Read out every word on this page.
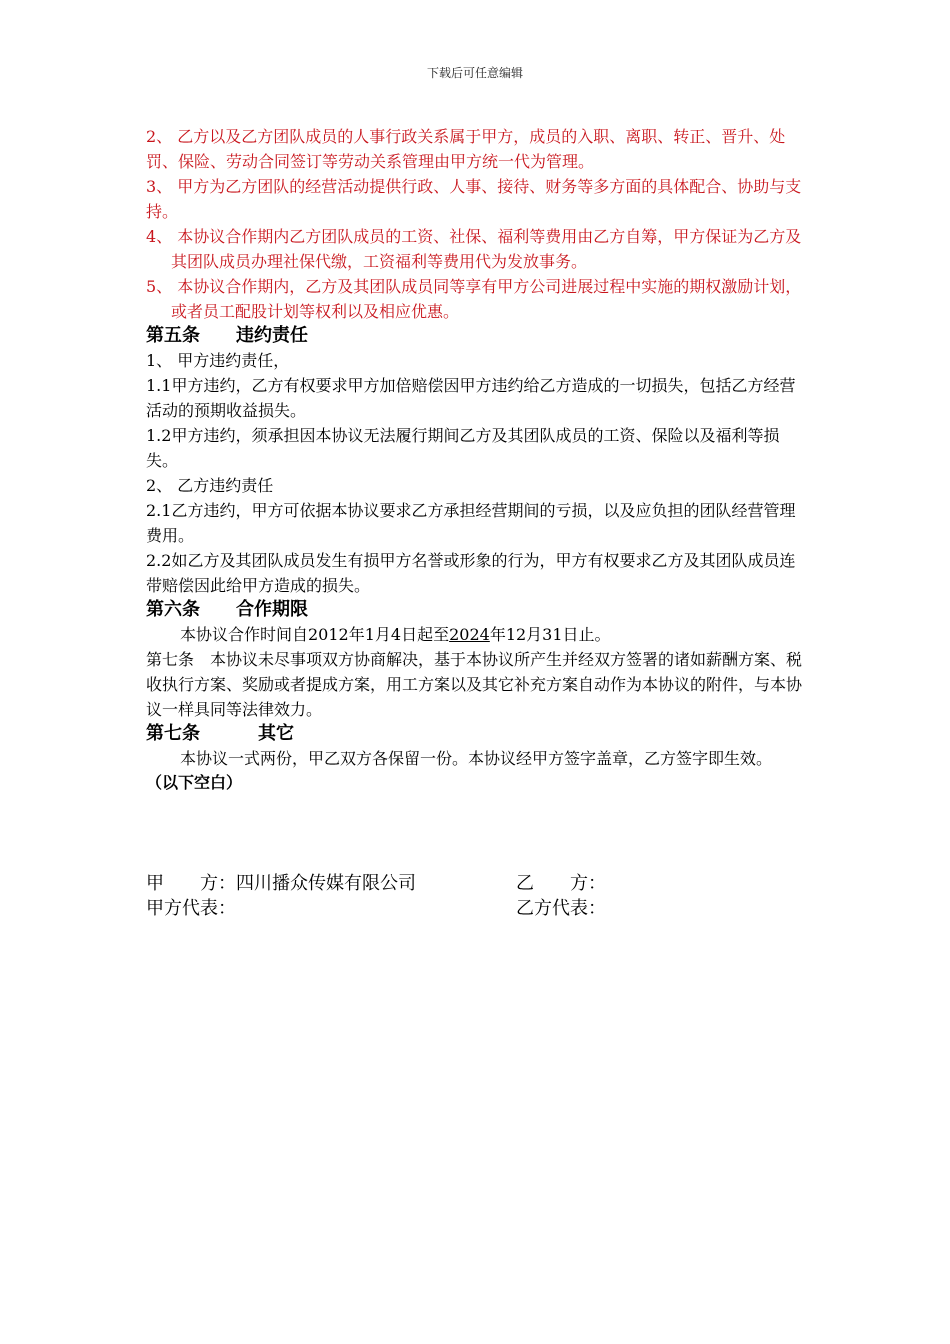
下载后可任意编辑

2、 乙方以及乙方团队成员的人事行政关系属于甲方，成员的入职、离职、转正、晋升、处罚、保险、劳动合同签订等劳动关系管理由甲方统一代为管理。

3、 甲方为乙方团队的经营活动提供行政、人事、接待、财务等多方面的具体配合、协助与支持。

4、 本协议合作期内乙方团队成员的工资、社保、福利等费用由乙方自筹，甲方保证为乙方及其团队成员办理社保代缴，工资福利等费用代为发放事务。

5、 本协议合作期内，乙方及其团队成员同等享有甲方公司进展过程中实施的期权激励计划，或者员工配股计划等权利以及相应优惠。

第五条 违约责任

1、 甲方违约责任，

1.1甲方违约，乙方有权要求甲方加倍赔偿因甲方违约给乙方造成的一切损失，包括乙方经营活动的预期收益损失。

1.2甲方违约，须承担因本协议无法履行期间乙方及其团队成员的工资、保险以及福利等损失。

2、 乙方违约责任

2.1乙方违约，甲方可依据本协议要求乙方承担经营期间的亏损，以及应负担的团队经营管理费用。

2.2如乙方及其团队成员发生有损甲方名誉或形象的行为，甲方有权要求乙方及其团队成员连带赔偿因此给甲方造成的损失。

第六条 合作期限

本协议合作时间自2012年1月4日起至2024年12月31日止。

第七条　本协议未尽事项双方协商解决，基于本协议所产生并经双方签署的诸如薪酬方案、税收执行方案、奖励或者提成方案，用工方案以及其它补充方案自动作为本协议的附件，与本协议一样具同等法律效力。

第七条	其它

本协议一式两份，甲乙双方各保留一份。本协议经甲方签字盖章，乙方签字即生效。

（以下空白）

甲　　方：四川播众传媒有限公司	乙　　方：
甲方代表：	乙方代表：
